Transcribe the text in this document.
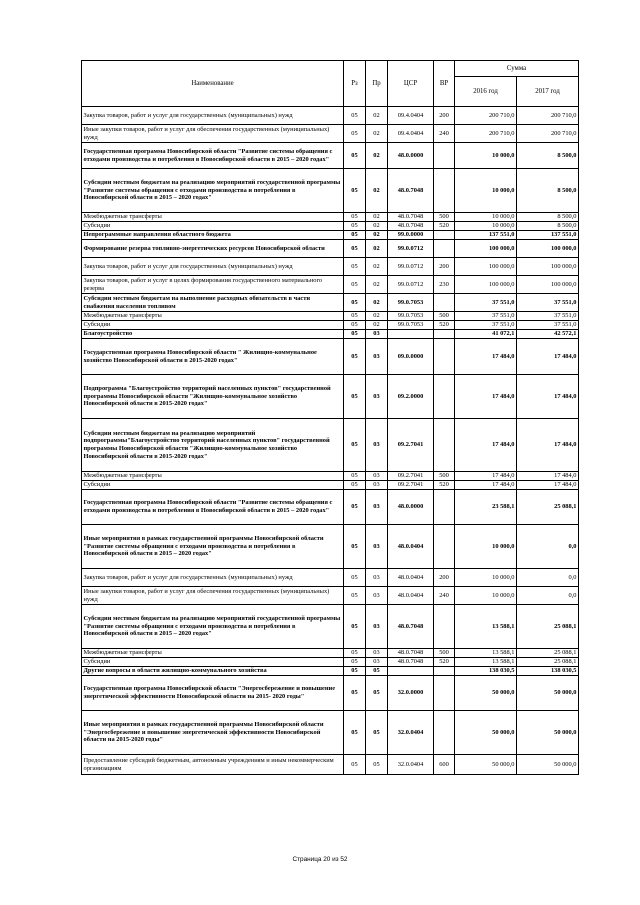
Наименование	Рз	Пр	ЦСР	ВР	Сумма	
					2016 год	2017 год
Закупка товаров, работ и услуг для государственных (муниципальных) нужд	05	02	09.4.0404	200	200 710,0	200 710,0
Иные закупки товаров, работ и услуг для обеспечения государственных (муниципальных) нужд	05	02	09.4.0404	240	200 710,0	200 710,0
Государственная программа Новосибирской области "Развитие системы обращения с отходами производства и потребления в Новосибирской области в 2015 – 2020 годах"	05	02	48.0.0000		10 000,0	8 500,0
Субсидии местным бюджетам на реализацию мероприятий государственной программы "Развитие системы обращения с отходами производства и потребления в Новосибирской области в 2015 – 2020 годах"	05	02	48.0.7048		10 000,0	8 500,0
Межбюджетные трансферты	05	02	48.0.7048	500	10 000,0	8 500,0
Субсидии	05	02	48.0.7048	520	10 000,0	8 500,0
Непрограммные направления областного бюджета	05	02	99.0.0000		137 551,0	137 551,0
Формирование резерва топливно-энергетических ресурсов Новосибирской области	05	02	99.0.0712		100 000,0	100 000,0
Закупка товаров, работ и услуг для государственных (муниципальных) нужд	05	02	99.0.0712	200	100 000,0	100 000,0
Закупка товаров, работ и услуг в целях формирования государственного материального резерва	05	02	99.0.0712	230	100 000,0	100 000,0
Субсидии местным бюджетам на выполнение расходных обязательств в части снабжения населения топливом	05	02	99.0.7053		37 551,0	37 551,0
Межбюджетные трансферты	05	02	99.0.7053	500	37 551,0	37 551,0
Субсидии	05	02	99.0.7053	520	37 551,0	37 551,0
Благоустройство	05	03			41 072,1	42 572,1
Государственная программа Новосибирской области " Жилищно-коммунальное хозяйство Новосибирской области в 2015-2020 годах"	05	03	09.0.0000		17 484,0	17 484,0
Подпрограмма "Благоустройство территорий населенных пунктов" государственной программы Новосибирской области "Жилищно-коммунальное хозяйство Новосибирской области в 2015-2020 годах"	05	03	09.2.0000		17 484,0	17 484,0
Субсидии местным бюджетам на реализацию мероприятий подпрограммы"Благоустройство территорий населенных пунктов" государственной программы Новосибирской области "Жилищно-коммунальное хозяйство Новосибирской области в 2015-2020 годах"	05	03	09.2.7041		17 484,0	17 484,0
Межбюджетные трансферты	05	03	09.2.7041	500	17 484,0	17 484,0
Субсидии	05	03	09.2.7041	520	17 484,0	17 484,0
Государственная программа Новосибирской области "Развитие системы обращения с отходами производства и потребления в Новосибирской области в 2015 – 2020 годах"	05	03	48.0.0000		23 588,1	25 088,1
Иные мероприятия в рамках государственной программы Новосибирской области "Развитие системы обращения с отходами производства и потребления в Новосибирской области в 2015 – 2020 годах"	05	03	48.0.0404		10 000,0	0,0
Закупка товаров, работ и услуг для государственных (муниципальных) нужд	05	03	48.0.0404	200	10 000,0	0,0
Иные закупки товаров, работ и услуг для обеспечения государственных (муниципальных) нужд	05	03	48.0.0404	240	10 000,0	0,0
Субсидии местным бюджетам на реализацию мероприятий государственной программы "Развитие системы обращения с отходами производства и потребления в Новосибирской области в 2015 – 2020 годах"	05	03	48.0.7048		13 588,1	25 088,1
Межбюджетные трансферты	05	03	48.0.7048	500	13 588,1	25 088,1
Субсидии	05	03	48.0.7048	520	13 588,1	25 088,1
Другие вопросы в области жилищно-коммунального хозяйства	05	05			138 030,5	138 030,5
Государственная программа Новосибирской области "Энергосбережение и повышение энергетической эффективности Новосибирской области на 2015- 2020 годы"	05	05	32.0.0000		50 000,0	50 000,0
Иные мероприятия в рамках государственной программы Новосибирской области "Энергосбережение и повышение энергетической эффективности Новосибирской области на 2015-2020 годы"	05	05	32.0.0404		50 000,0	50 000,0
Предоставление субсидий бюджетным, автономным учреждениям и иным некоммерческим организациям	05	05	32.0.0404	600	50 000,0	50 000,0
Страница 20 из 52
